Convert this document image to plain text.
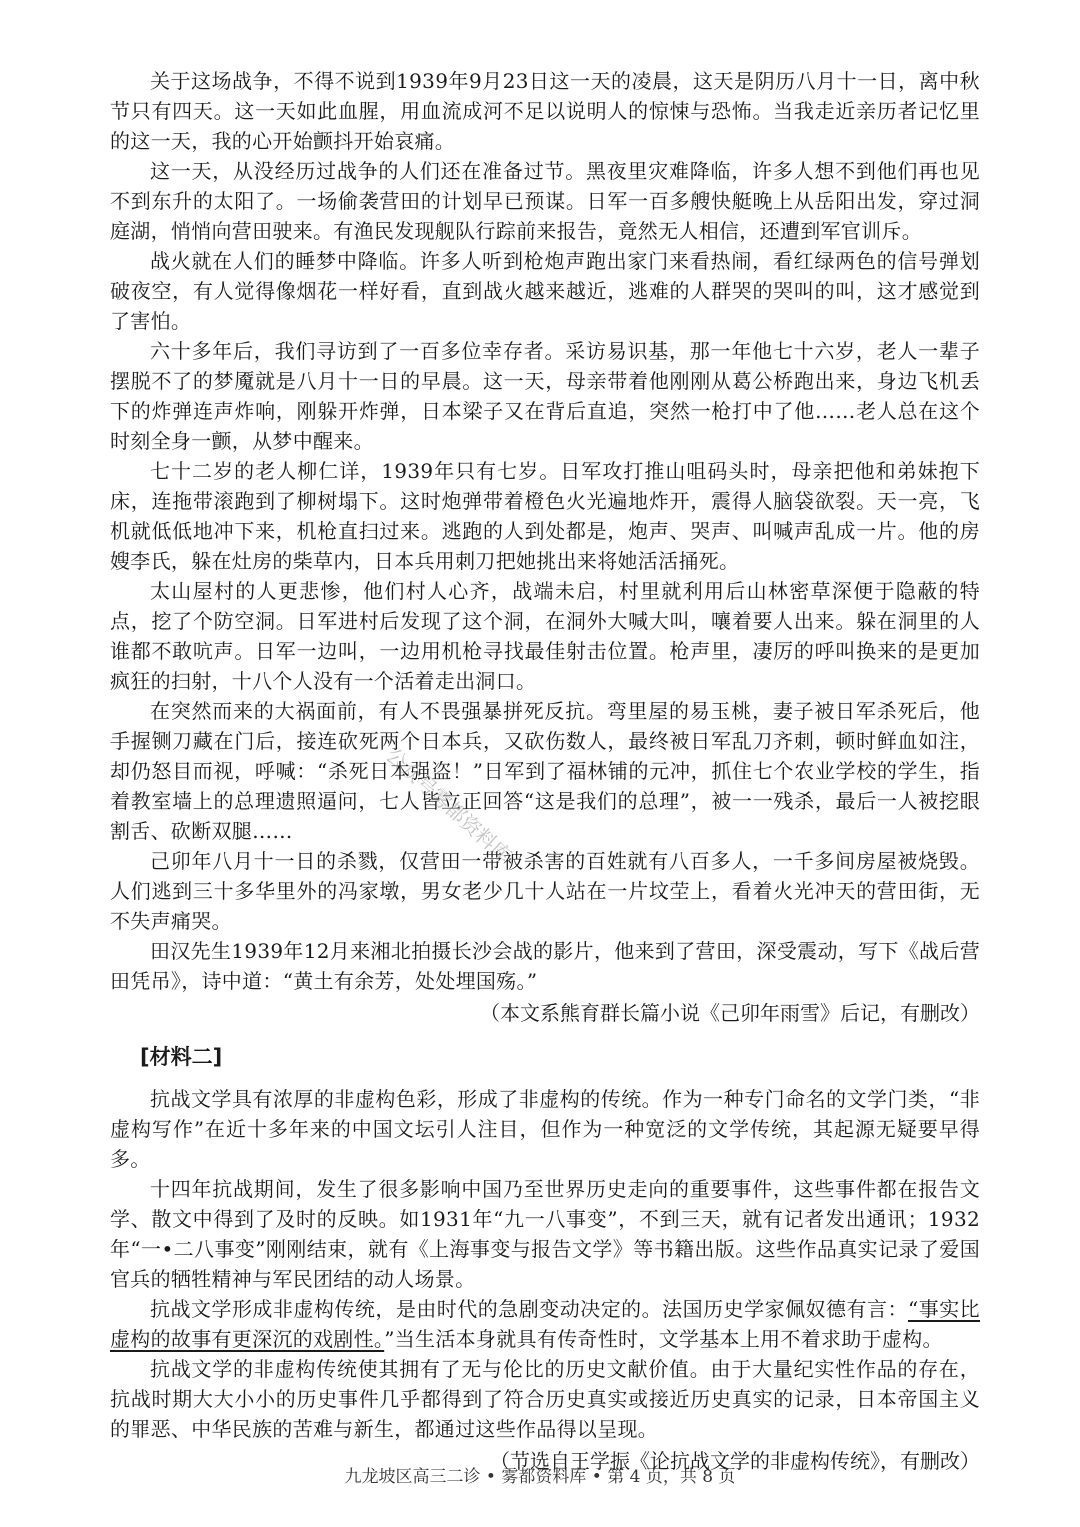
关于这场战争，不得不说到1939年9月23日这一天的凌晨，这天是阴历八月十一日，离中秋节只有四天。这一天如此血腥，用血流成河不足以说明人的惊悚与恐怖。当我走近亲历者记忆里的这一天，我的心开始颤抖开始哀痛。

这一天，从没经历过战争的人们还在准备过节。黑夜里灾难降临，许多人想不到他们再也见不到东升的太阳了。一场偷袭营田的计划早已预谋。日军一百多艘快艇晚上从岳阳出发，穿过洞庭湖，悄悄向营田驶来。有渔民发现舰队行踪前来报告，竟然无人相信，还遭到军官训斥。

战火就在人们的睡梦中降临。许多人听到枪炮声跑出家门来看热闹，看红绿两色的信号弹划破夜空，有人觉得像烟花一样好看，直到战火越来越近，逃难的人群哭的哭叫的叫，这才感觉到了害怕。

六十多年后，我们寻访到了一百多位幸存者。采访易识基，那一年他七十六岁，老人一辈子摆脱不了的梦魇就是八月十一日的早晨。这一天，母亲带着他刚刚从葛公桥跑出来，身边飞机丢下的炸弹连声炸响，刚躲开炸弹，日本梁子又在背后直追，突然一枪打中了他……老人总在这个时刻全身一颤，从梦中醒来。

七十二岁的老人柳仁详，1939年只有七岁。日军攻打推山咀码头时，母亲把他和弟妹抱下床，连拖带滚跑到了柳树塌下。这时炮弹带着橙色火光遍地炸开，震得人脑袋欲裂。天一亮，飞机就低低地冲下来，机枪直扫过来。逃跑的人到处都是，炮声、哭声、叫喊声乱成一片。他的房嫂李氏，躲在灶房的柴草内，日本兵用刺刀把她挑出来将她活活捅死。

太山屋村的人更悲惨，他们村人心齐，战端未启，村里就利用后山林密草深便于隐蔽的特点，挖了个防空洞。日军进村后发现了这个洞，在洞外大喊大叫，嚷着要人出来。躲在洞里的人谁都不敢吭声。日军一边叫，一边用机枪寻找最佳射击位置。枪声里，凄厉的呼叫换来的是更加疯狂的扫射，十八个人没有一个活着走出洞口。

在突然而来的大祸面前，有人不畏强暴拼死反抗。弯里屋的易玉桃，妻子被日军杀死后，他手握铡刀藏在门后，接连砍死两个日本兵，又砍伤数人，最终被日军乱刀齐刺，顿时鲜血如注，却仍怒目而视，呼喊：“杀死日本强盗！”日军到了福林铺的元冲，抓住七个农业学校的学生，指着教室墙上的总理遗照逼问，七人皆立正回答“这是我们的总理”，被一一残杀，最后一人被挖眼割舌、砍断双腿……

己卯年八月十一日的杀戮，仅营田一带被杀害的百姓就有八百多人，一千多间房屋被烧毁。人们逃到三十多华里外的冯家墩，男女老少几十人站在一片坟茔上，看着火光冲天的营田街，无不失声痛哭。

田汉先生1939年12月来湘北拍摄长沙会战的影片，他来到了营田，深受震动，写下《战后营田凭吊》，诗中道：“黄土有余芳，处处埋国殇。”

（本文系熊育群长篇小说《己卯年雨雪》后记，有删改）

[材料二]

抗战文学具有浓厚的非虚构色彩，形成了非虚构的传统。作为一种专门命名的文学门类，“非虚构写作”在近十多年来的中国文坛引人注目，但作为一种宽泛的文学传统，其起源无疑要早得多。

十四年抗战期间，发生了很多影响中国乃至世界历史走向的重要事件，这些事件都在报告文学、散文中得到了及时的反映。如1931年“九一八事变”，不到三天，就有记者发出通讯；1932年“一•二八事变”刚刚结束，就有《上海事变与报告文学》等书籍出版。这些作品真实记录了爱国官兵的牺牲精神与军民团结的动人场景。

抗战文学形成非虚构传统，是由时代的急剧变动决定的。法国历史学家佩奴德有言：“事实比虚构的故事有更深沉的戏剧性。”当生活本身就具有传奇性时，文学基本上用不着求助于虚构。

抗战文学的非虚构传统使其拥有了无与伦比的历史文献价值。由于大量纪实性作品的存在，抗战时期大大小小的历史事件几乎都得到了符合历史真实或接近历史真实的记录，日本帝国主义的罪恶、中华民族的苦难与新生，都通过这些作品得以呈现。

（节选自王学振《论抗战文学的非虚构传统》，有删改）

公众号雾都资料库
九龙坡区高三二诊 • 雾都资料库 • 第 4 页，共 8 页
